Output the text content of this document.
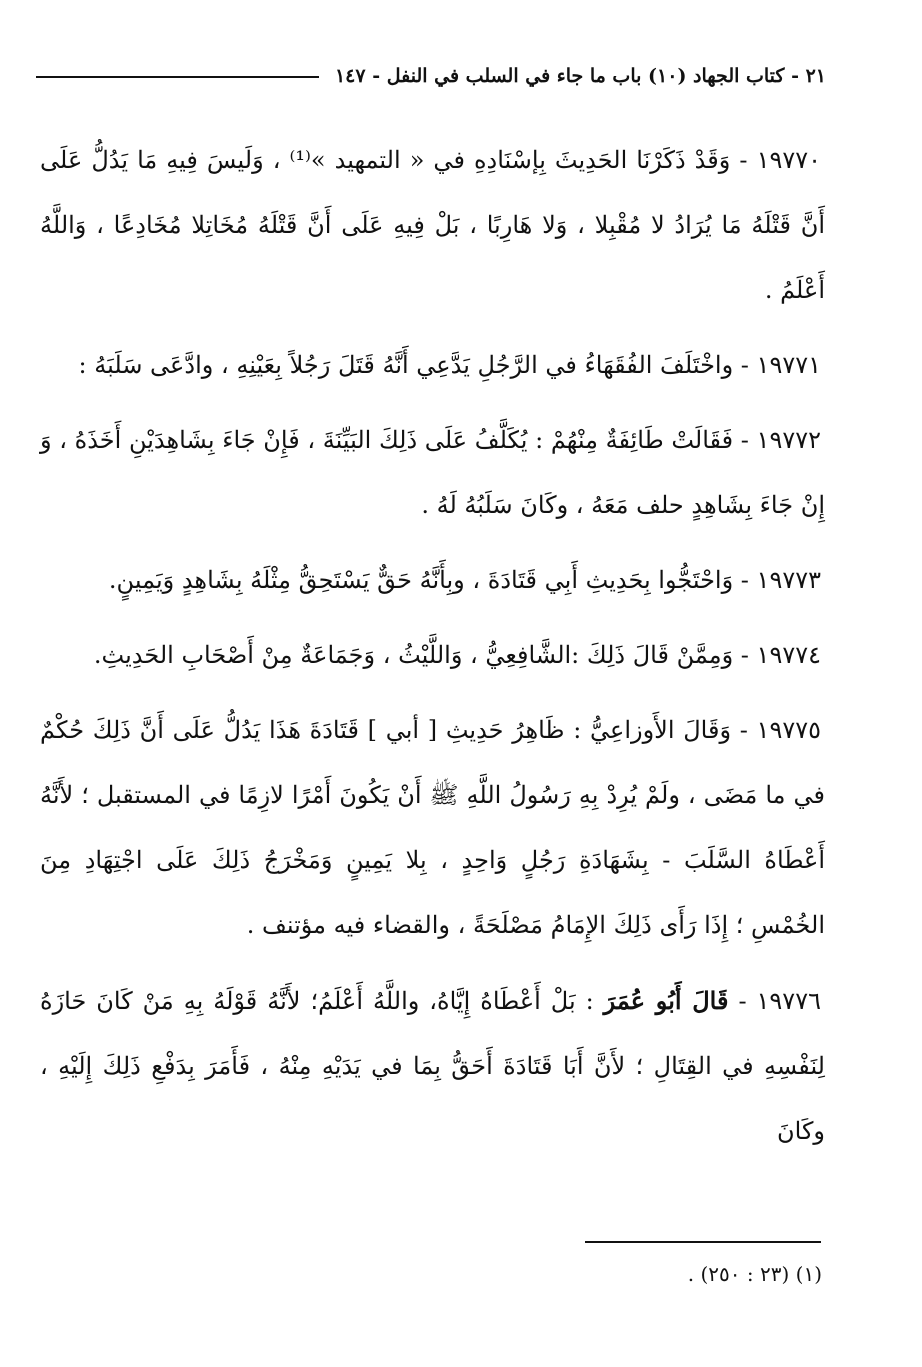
٢١ - كتاب الجهاد (١٠) باب ما جاء في السلب في النفل - ١٤٧

١٩٧٧٠ - وَقَدْ ذَكَرْنَا الحَدِيثَ بِإسْنَادِهِ في « التمهيد »⁽¹⁾ ، وَلَيسَ فِيهِ مَا يَدُلُّ عَلَى أَنَّ قَتْلَهُ مَا يُرَادُ لا مُقْبِلا ، وَلا هَارِبًا ، بَلْ فِيهِ عَلَى أَنَّ قَتْلَهُ مُخَاتِلا مُخَادِعًا ، وَاللَّهُ أَعْلَمُ .

١٩٧٧١ - واخْتَلَفَ الفُقَهَاءُ في الرَّجُلِ يَدَّعِي أَنَّهُ قَتَلَ رَجُلاً بِعَيْنِهِ ، وادَّعَى سَلَبَهُ :

١٩٧٧٢ - فَقَالَتْ طَائِفَةٌ مِنْهُمْ : يُكَلَّفُ عَلَى ذَلِكَ البَيِّنَةَ ، فَإِنْ جَاءَ بِشَاهِدَيْنِ أَخَذَهُ ، وَ إِنْ جَاءَ بِشَاهِدٍ حلف مَعَهُ ، وكَانَ سَلَبُهُ لَهُ .

١٩٧٧٣ - وَاحْتَجُّوا بِحَدِيثِ أَبِي قَتَادَةَ ، وبِأَنَّهُ حَقٌّ يَسْتَحِقُّ مِثْلَهُ بِشَاهِدٍ وَيَمِينٍ.

١٩٧٧٤ - وَمِمَّنْ قَالَ ذَلِكَ :الشَّافِعِيُّ ، وَاللَّيْثُ ، وَجَمَاعَةٌ مِنْ أَصْحَابِ الحَدِيثِ.

١٩٧٧٥ - وَقَالَ الأَوزاعِيُّ : ظَاهِرُ حَدِيثِ [ أبي ] قَتَادَةَ هَذَا يَدُلُّ عَلَى أَنَّ ذَلِكَ حُكْمٌ في ما مَضَى ، ولَمْ يُرِدْ بِهِ رَسُولُ اللَّهِ ﷺ أَنْ يَكُونَ أَمْرًا لازِمًا في المستقبل ؛ لأَنَّهُ أَعْطَاهُ السَّلَبَ - بِشَهَادَةِ رَجُلٍ وَاحِدٍ ، بِلا يَمِينٍ وَمَخْرَجُ ذَلِكَ عَلَى اجْتِهَادِ مِنَ الخُمْسِ ؛ إِذَا رَأَى ذَلِكَ الإِمَامُ مَصْلَحَةً ، والقضاء فيه مؤتنف .

١٩٧٧٦ - قَالَ أَبُو عُمَرَ : بَلْ أَعْطَاهُ إِيَّاهُ، واللَّهُ أَعْلَمُ؛ لأَنَّهُ قَوْلَهُ بِهِ مَنْ كَانَ حَازَهُ لِنَفْسِهِ في القِتَالِ ؛ لأَنَّ أَبَا قَتَادَةَ أَحَقُّ بِمَا في يَدَيْهِ مِنْهُ ، فَأَمَرَ بِدَفْعِ ذَلِكَ إِلَيْهِ ، وكَانَ

(١) (٢٣ : ٢٥٠) .
